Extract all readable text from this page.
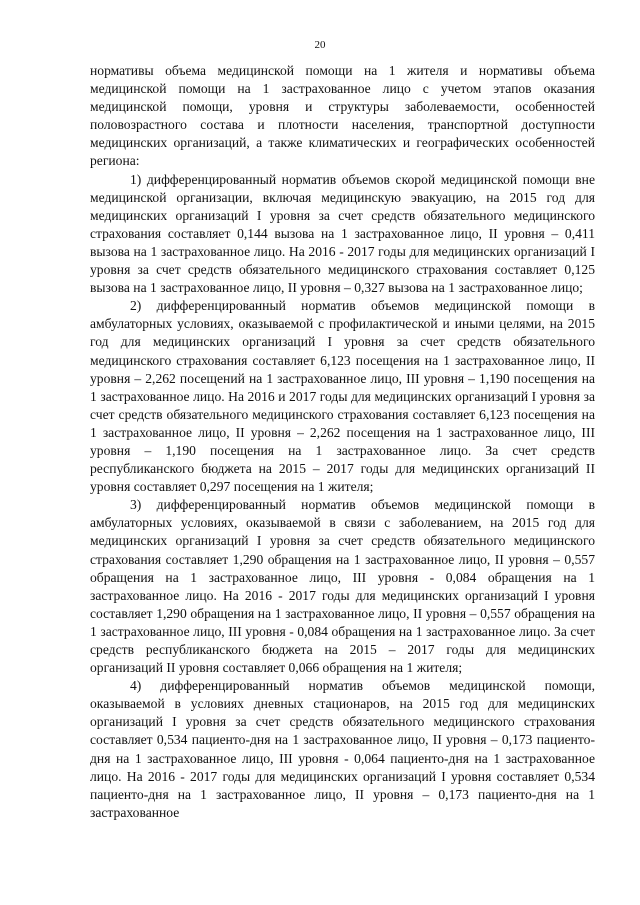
20

нормативы объема медицинской помощи на 1 жителя и нормативы объема медицинской помощи на 1 застрахованное лицо с учетом этапов оказания медицинской помощи, уровня и структуры заболеваемости, особенностей половозрастного состава и плотности населения, транспортной доступности медицинских организаций, а также климатических и географических особенностей региона:

1) дифференцированный норматив объемов скорой медицинской помощи вне медицинской организации, включая медицинскую эвакуацию, на 2015 год для медицинских организаций I уровня за счет средств обязательного медицинского страхования составляет 0,144 вызова на 1 застрахованное лицо, II уровня – 0,411 вызова на 1 застрахованное лицо. На 2016 - 2017 годы для медицинских организаций I уровня за счет средств обязательного медицинского страхования составляет 0,125 вызова на 1 застрахованное лицо, II уровня – 0,327 вызова на 1 застрахованное лицо;

2) дифференцированный норматив объемов медицинской помощи в амбулаторных условиях, оказываемой с профилактической и иными целями, на 2015 год для медицинских организаций I уровня за счет средств обязательного медицинского страхования составляет 6,123 посещения на 1 застрахованное лицо, II уровня – 2,262 посещений на 1 застрахованное лицо, III уровня – 1,190 посещения на 1 застрахованное лицо. На 2016 и 2017 годы для медицинских организаций I уровня за счет средств обязательного медицинского страхования составляет 6,123 посещения на 1 застрахованное лицо, II уровня – 2,262 посещения на 1 застрахованное лицо, III уровня – 1,190 посещения на 1 застрахованное лицо. За счет средств республиканского бюджета на 2015 – 2017 годы для медицинских организаций II уровня составляет 0,297 посещения на 1 жителя;

3) дифференцированный норматив объемов медицинской помощи в амбулаторных условиях, оказываемой в связи с заболеванием, на 2015 год для медицинских организаций I уровня за счет средств обязательного медицинского страхования составляет 1,290 обращения на 1 застрахованное лицо, II уровня – 0,557 обращения на 1 застрахованное лицо, III уровня - 0,084 обращения на 1 застрахованное лицо. На 2016 - 2017 годы для медицинских организаций I уровня составляет 1,290 обращения на 1 застрахованное лицо, II уровня – 0,557 обращения на 1 застрахованное лицо, III уровня - 0,084 обращения на 1 застрахованное лицо. За счет средств республиканского бюджета на 2015 – 2017 годы для медицинских организаций II уровня составляет 0,066 обращения на 1 жителя;

4) дифференцированный норматив объемов медицинской помощи, оказываемой в условиях дневных стационаров, на 2015 год для медицинских организаций I уровня за счет средств обязательного медицинского страхования составляет 0,534 пациенто-дня на 1 застрахованное лицо, II уровня – 0,173 пациенто-дня на 1 застрахованное лицо, III уровня - 0,064 пациенто-дня на 1 застрахованное лицо. На 2016 - 2017 годы для медицинских организаций I уровня составляет 0,534 пациенто-дня на 1 застрахованное лицо, II уровня – 0,173 пациенто-дня на 1 застрахованное
